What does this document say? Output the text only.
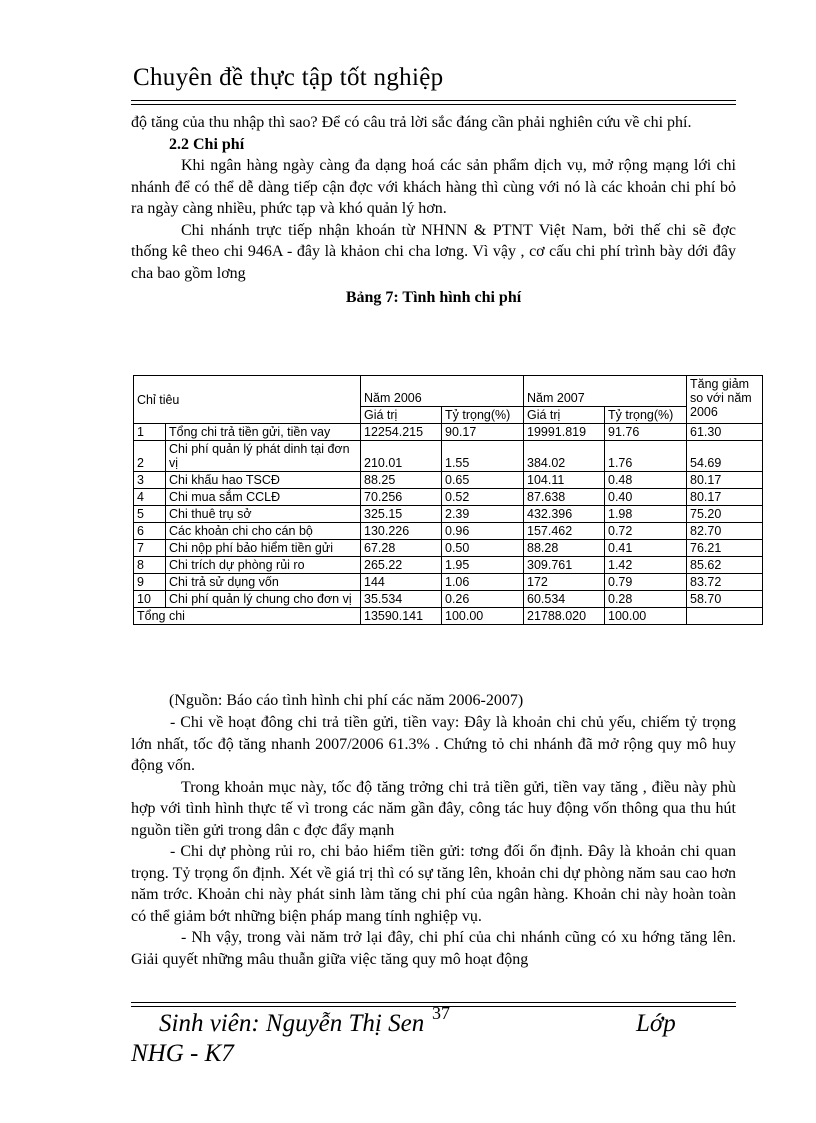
Chuyên đề thực tập tốt nghiệp

độ tăng của thu nhập thì sao? Để có câu trả lời sắc đáng cần phải nghiên cứu về chi phí.

2.2 Chi phí

Khi ngân hàng ngày càng đa dạng hoá các sản phẩm dịch vụ, mở rộng mạng lới chi nhánh để có thể dễ dàng tiếp cận đợc với khách hàng thì cùng với nó là các khoản chi phí bỏ ra ngày càng nhiều, phức tạp và khó quản lý hơn.

Chi nhánh trực tiếp nhận khoán từ NHNN & PTNT Việt Nam, bởi thế chi sẽ đợc thống kê theo chi 946A - đây là khảon chi cha lơng. Vì vậy , cơ cấu chi phí trình bày dới đây cha bao gồm lơng

Bảng 7: Tình hình chi phí

Chỉ tiêu		Năm 2006		Năm 2007		Tăng giảm so với năm 2006
		Giá trị	Tỷ trọng(%)	Giá trị	Tỷ trọng(%)	
1	Tổng chi trả tiền gửi, tiền vay	12254.215	90.17	19991.819	91.76	61.30
2	Chi phí quản lý phát dinh tại đơn vị	210.01	1.55	384.02	1.76	54.69
3	Chi khấu hao TSCĐ	88.25	0.65	104.11	0.48	80.17
4	Chi mua sắm CCLĐ	70.256	0.52	87.638	0.40	80.17
5	Chi thuê trụ sở	325.15	2.39	432.396	1.98	75.20
6	Các khoản chi cho cán bộ	130.226	0.96	157.462	0.72	82.70
7	Chi nộp phí bảo hiểm tiền gửi	67.28	0.50	88.28	0.41	76.21
8	Chi trích dự phòng rủi ro	265.22	1.95	309.761	1.42	85.62
9	Chi trả sử dụng vốn	144	1.06	172	0.79	83.72
10	Chi phí quản lý chung cho đơn vị	35.534	0.26	60.534	0.28	58.70
Tổng chi		13590.141	100.00	21788.020	100.00	
(Nguồn: Báo cáo tình hình chi phí các năm 2006-2007)

- Chi về hoạt đông chi trả tiền gửi, tiền vay: Đây là khoản chi chủ yếu, chiếm tỷ trọng lớn nhất, tốc độ tăng nhanh 2007/2006 61.3% . Chứng tỏ chi nhánh đã mở rộng quy mô huy động vốn.

Trong khoản mục này, tốc độ tăng trởng chi trả tiền gửi, tiền vay tăng , điều này phù hợp với tình hình thực tế vì trong các năm gần đây, công tác huy động vốn thông qua thu hút nguồn tiền gửi trong dân c đợc đẩy mạnh

- Chi dự phòng rủi ro, chi bảo hiểm tiền gửi: tơng đối ổn định. Đây là khoản chi quan trọng. Tỷ trọng ổn định. Xét về giá trị thì có sự tăng lên, khoản chi dự phòng năm sau cao hơn năm trớc. Khoản chi này phát sinh làm tăng chi phí của ngân hàng. Khoản chi này hoàn toàn có thể giảm bớt những biện pháp mang tính nghiệp vụ.

- Nh vậy, trong vài năm trở lại đây, chi phí của chi nhánh cũng có xu hớng tăng lên. Giải quyết những mâu thuẫn giữa việc tăng quy mô hoạt động

Sinh viên: Nguyễn Thị Sen 37	Lớp
NHG - K7
